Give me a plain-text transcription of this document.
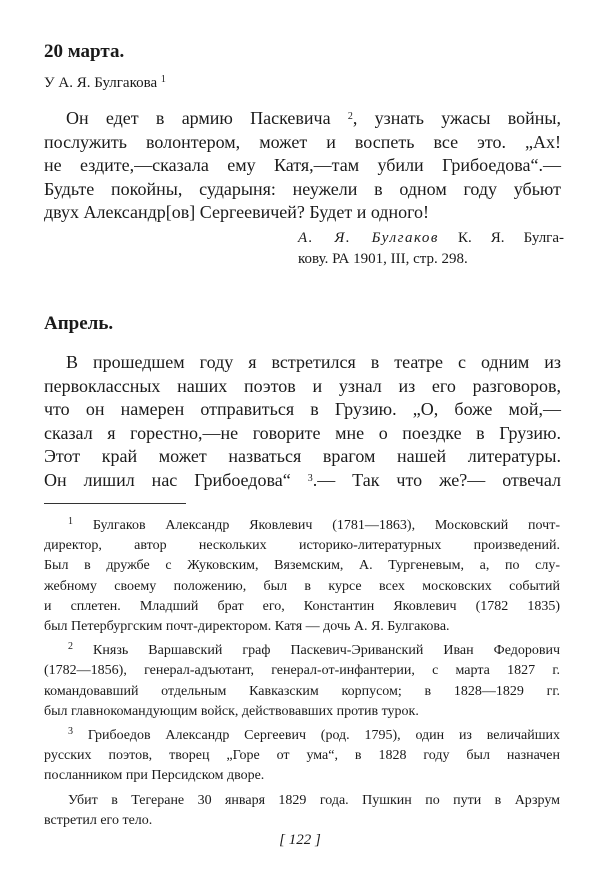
20 марта.
У А. Я. Булгакова $^1$
Он едет в армию Паскевича $^2$, узнать ужасы войны,
послужить волонтером, может и воспеть все это. „Ах!
не ездите,—сказала ему Катя,—там убили Грибоедова“.—
Будьте покойны, сударыня: неужели в одном году убьют
двух Александр[ов] Сергеевичей? Будет и одного!
А. Я. Булгаков К. Я. Булга-
кову. РА 1901, III, стр. 298.
Апрель.
В прошедшем году я встретился в театре с одним из
первоклассных наших поэтов и узнал из его разговоров,
что он намерен отправиться в Грузию. „О, боже мой,—
сказал я горестно,—не говорите мне о поездке в Грузию.
Этот край может назваться врагом нашей литературы.
Он лишил нас Грибоедова“ $^3$.— Так что же?— отвечал
$^1$ Булгаков Александр Яковлевич (1781—1863), Московский почт-
директор, автор нескольких историко-литературных произведений.
Был в дружбе с Жуковским, Вяземским, А. Тургеневым, а, по слу-
жебному своему положению, был в курсе всех московских событий
и сплетен. Младший брат его, Константин Яковлевич (1782 1835)
был Петербургским почт-директором. Катя — дочь А. Я. Булгакова.
$^2$ Князь Варшавский граф Паскевич-Эриванский Иван Федорович
(1782—1856), генерал-адъютант, генерал-от-инфантерии, с марта 1827 г.
командовавший отдельным Кавказским корпусом; в 1828—1829 гг.
был главнокомандующим войск, действовавших против турок.
$^3$ Грибоедов Александр Сергеевич (род. 1795), один из величайших
русских поэтов, творец „Горе от ума“, в 1828 году был назначен
посланником при Персидском дворе.
Убит в Тегеране 30 января 1829 года. Пушкин по пути в Арзрум
встретил его тело.
[ 122 ]
